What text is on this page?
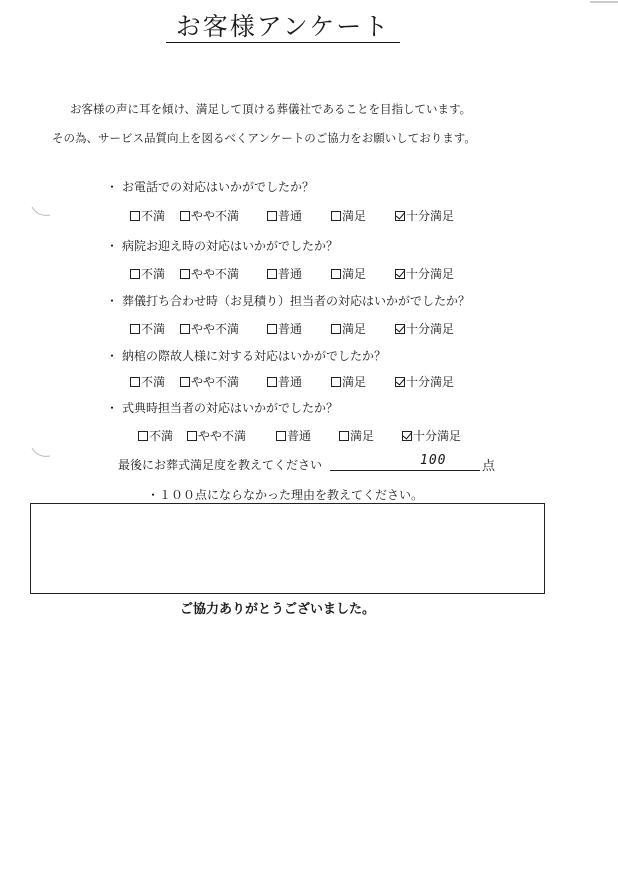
お客様アンケート
お客様の声に耳を傾け、満足して頂ける葬儀社であることを目指しています。
その為、サービス品質向上を図るべくアンケートのご協力をお願いしております。
・ お電話での対応はいかがでしたか？
不満 やや不満	普通	満足	十分満足
・ 病院お迎え時の対応はいかがでしたか？
不満 やや不満	普通	満足	十分満足
・ 葬儀打ち合わせ時（お見積り）担当者の対応はいかがでしたか？
不満 やや不満	普通	満足	十分満足
・ 納棺の際故人様に対する対応はいかがでしたか？
不満 やや不満	普通	満足	十分満足
・ 式典時担当者の対応はいかがでしたか？
不満 やや不満	普通	満足	十分満足
最後にお葬式満足度を教えてください	100	点
・１００点にならなかった理由を教えてください。
ご協力ありがとうございました。
